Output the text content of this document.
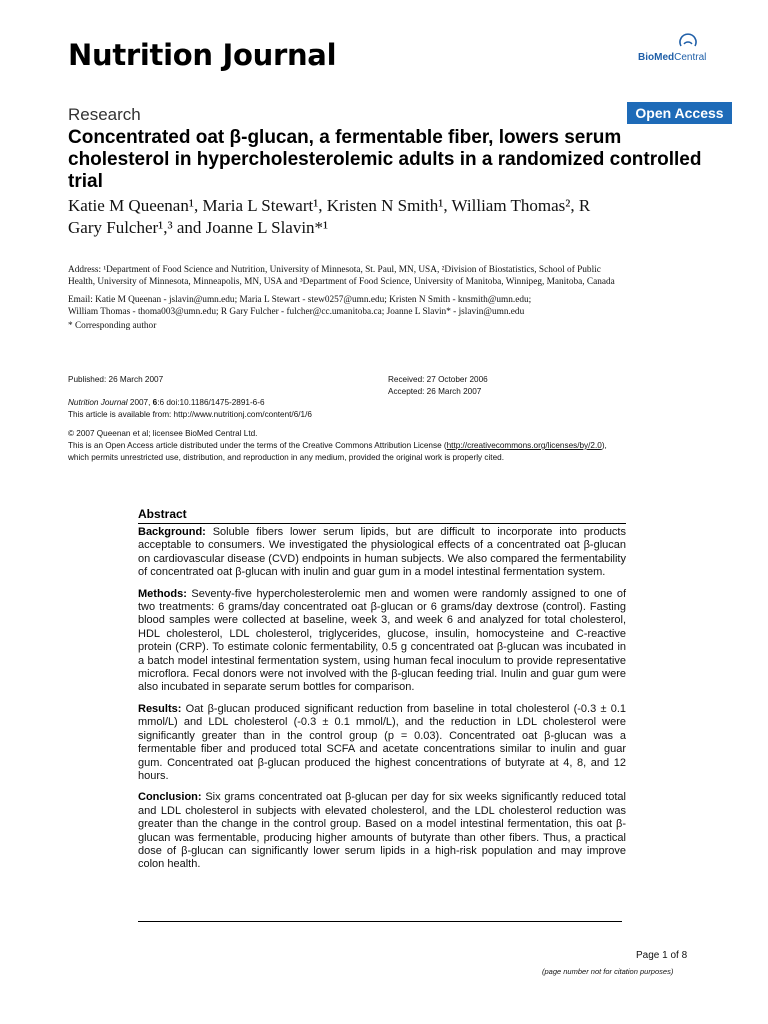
Nutrition Journal	BioMedCentral
Research	Open Access
Concentrated oat β-glucan, a fermentable fiber, lowers serum cholesterol in hypercholesterolemic adults in a randomized controlled trial
Katie M Queenan¹, Maria L Stewart¹, Kristen N Smith¹, William Thomas², R
Gary Fulcher¹,³ and Joanne L Slavin*¹
Address: ¹Department of Food Science and Nutrition, University of Minnesota, St. Paul, MN, USA, ²Division of Biostatistics, School of Public
Health, University of Minnesota, Minneapolis, MN, USA and ³Department of Food Science, University of Manitoba, Winnipeg, Manitoba, Canada
Email: Katie M Queenan - jslavin@umn.edu; Maria L Stewart - stew0257@umn.edu; Kristen N Smith - knsmith@umn.edu;
William Thomas - thoma003@umn.edu; R Gary Fulcher - fulcher@cc.umanitoba.ca; Joanne L Slavin* - jslavin@umn.edu
* Corresponding author
Published: 26 March 2007
Nutrition Journal 2007, 6:6 doi:10.1186/1475-2891-6-6
Received: 27 October 2006
Accepted: 26 March 2007
This article is available from: http://www.nutritionj.com/content/6/1/6
© 2007 Queenan et al; licensee BioMed Central Ltd.
This is an Open Access article distributed under the terms of the Creative Commons Attribution License (http://creativecommons.org/licenses/by/2.0),
which permits unrestricted use, distribution, and reproduction in any medium, provided the original work is properly cited.
Abstract

Background: Soluble fibers lower serum lipids, but are difficult to incorporate into products acceptable to consumers. We investigated the physiological effects of a concentrated oat β-glucan on cardiovascular disease (CVD) endpoints in human subjects. We also compared the fermentability of concentrated oat β-glucan with inulin and guar gum in a model intestinal fermentation system.

Methods: Seventy-five hypercholesterolemic men and women were randomly assigned to one of two treatments: 6 grams/day concentrated oat β-glucan or 6 grams/day dextrose (control). Fasting blood samples were collected at baseline, week 3, and week 6 and analyzed for total cholesterol, HDL cholesterol, LDL cholesterol, triglycerides, glucose, insulin, homocysteine and C-reactive protein (CRP). To estimate colonic fermentability, 0.5 g concentrated oat β-glucan was incubated in a batch model intestinal fermentation system, using human fecal inoculum to provide representative microflora. Fecal donors were not involved with the β-glucan feeding trial. Inulin and guar gum were also incubated in separate serum bottles for comparison.

Results: Oat β-glucan produced significant reduction from baseline in total cholesterol (-0.3 ± 0.1 mmol/L) and LDL cholesterol (-0.3 ± 0.1 mmol/L), and the reduction in LDL cholesterol were significantly greater than in the control group (p = 0.03). Concentrated oat β-glucan was a fermentable fiber and produced total SCFA and acetate concentrations similar to inulin and guar gum. Concentrated oat β-glucan produced the highest concentrations of butyrate at 4, 8, and 12 hours.

Conclusion: Six grams concentrated oat β-glucan per day for six weeks significantly reduced total and LDL cholesterol in subjects with elevated cholesterol, and the LDL cholesterol reduction was greater than the change in the control group. Based on a model intestinal fermentation, this oat β-glucan was fermentable, producing higher amounts of butyrate than other fibers. Thus, a practical dose of β-glucan can significantly lower serum lipids in a high-risk population and may improve colon health.

Page 1 of 8
(page number not for citation purposes)
